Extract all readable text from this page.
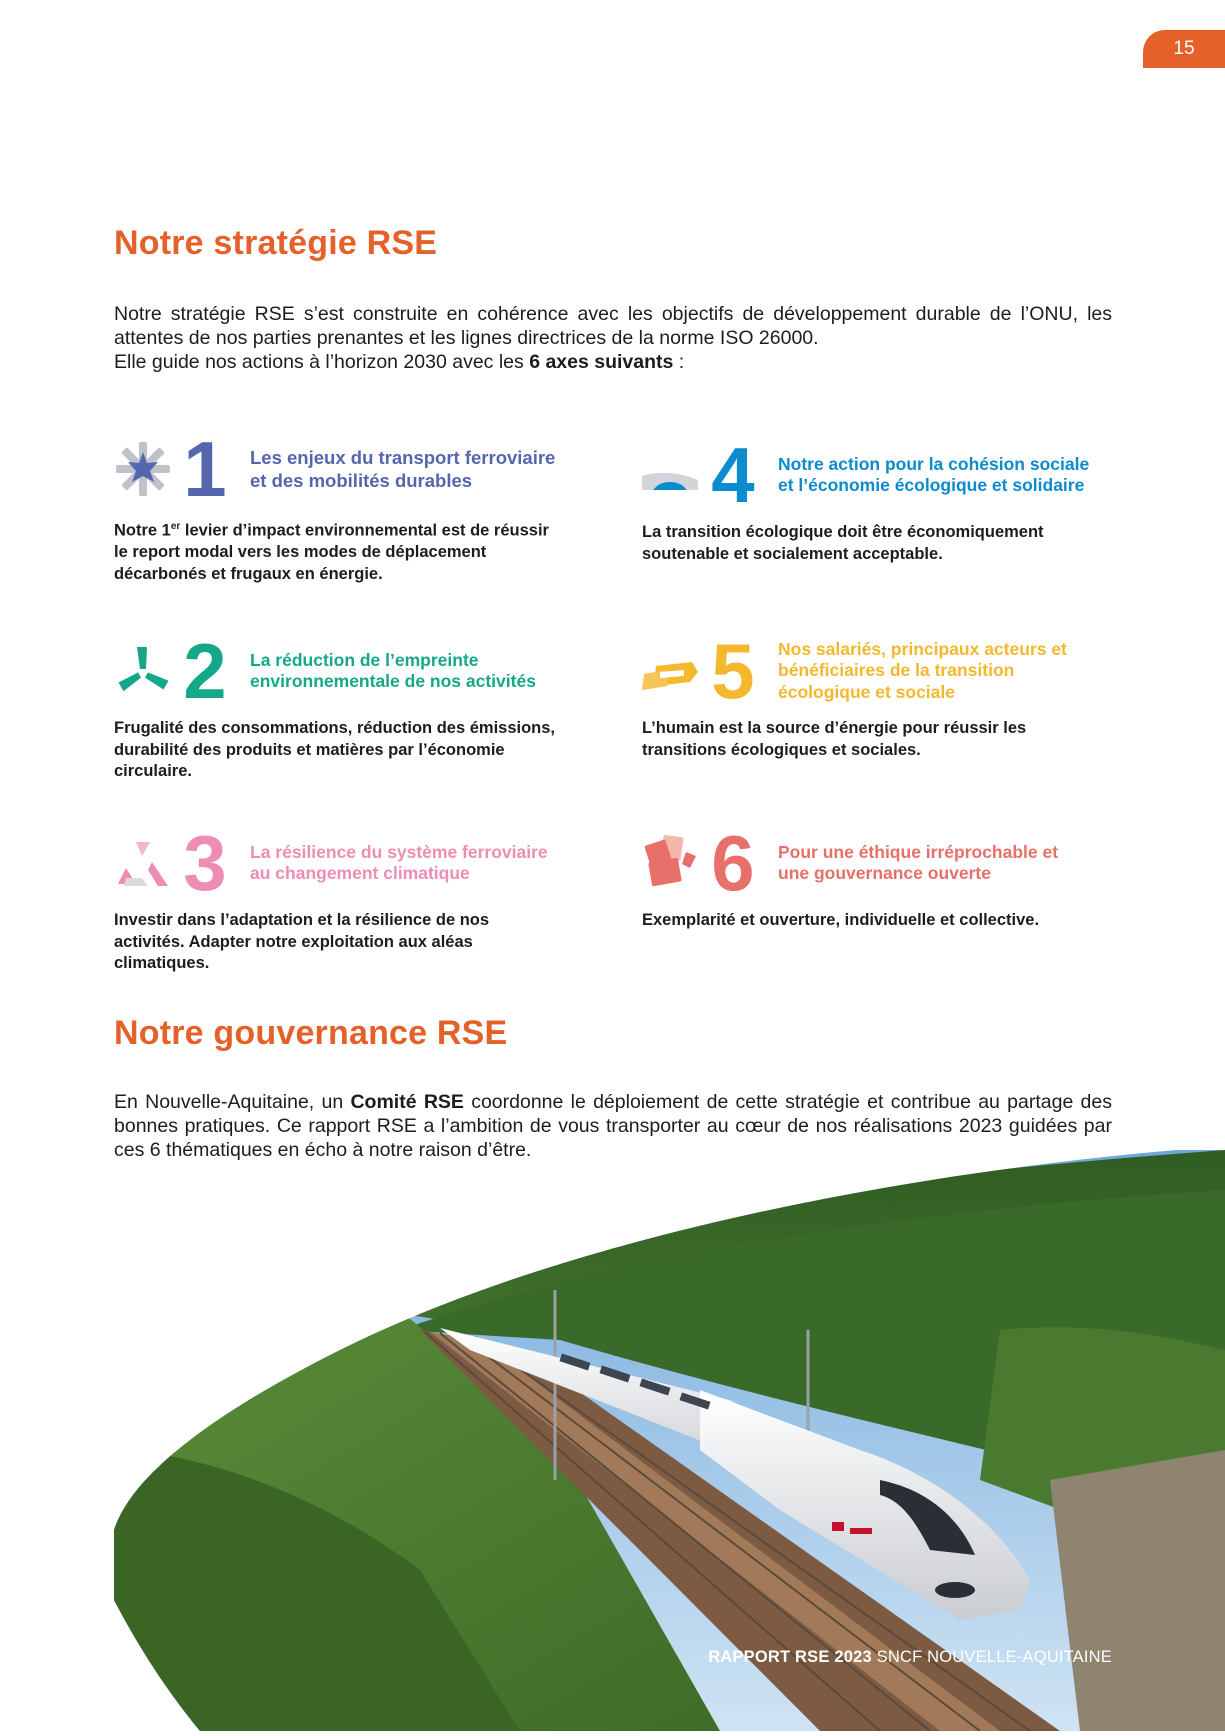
15
Notre stratégie RSE

Notre stratégie RSE s’est construite en cohérence avec les objectifs de développement durable de l’ONU, les attentes de nos parties prenantes et les lignes directrices de la norme ISO 26000.

Elle guide nos actions à l’horizon 2030 avec les 6 axes suivants :

1	Les enjeux du transport ferroviaire et des mobilités durables
Notre 1er levier d’impact environnemental est de réussir le report modal vers les modes de déplacement décarbonés et frugaux en énergie.
2	La réduction de l’empreinte environnementale de nos activités
Frugalité des consommations, réduction des émissions, durabilité des produits et matières par l’économie circulaire.
3	La résilience du système ferroviaire au changement climatique
Investir dans l’adaptation et la résilience de nos activités. Adapter notre exploitation aux aléas climatiques.
4	Notre action pour la cohésion sociale et l’économie écologique et solidaire
La transition écologique doit être économiquement soutenable et socialement acceptable.
5	Nos salariés, principaux acteurs et bénéficiaires de la transition écologique et sociale
L’humain est la source d’énergie pour réussir les transitions écologiques et sociales.
6	Pour une éthique irréprochable et une gouvernance ouverte
Exemplarité et ouverture, individuelle et collective.
Notre gouvernance RSE

En Nouvelle-Aquitaine, un Comité RSE coordonne le déploiement de cette stratégie et contribue au partage des bonnes pratiques. Ce rapport RSE a l’ambition de vous transporter au cœur de nos réalisations 2023 guidées par ces 6 thématiques en écho à notre raison d’être.

RAPPORT RSE 2023 SNCF NOUVELLE-AQUITAINE
